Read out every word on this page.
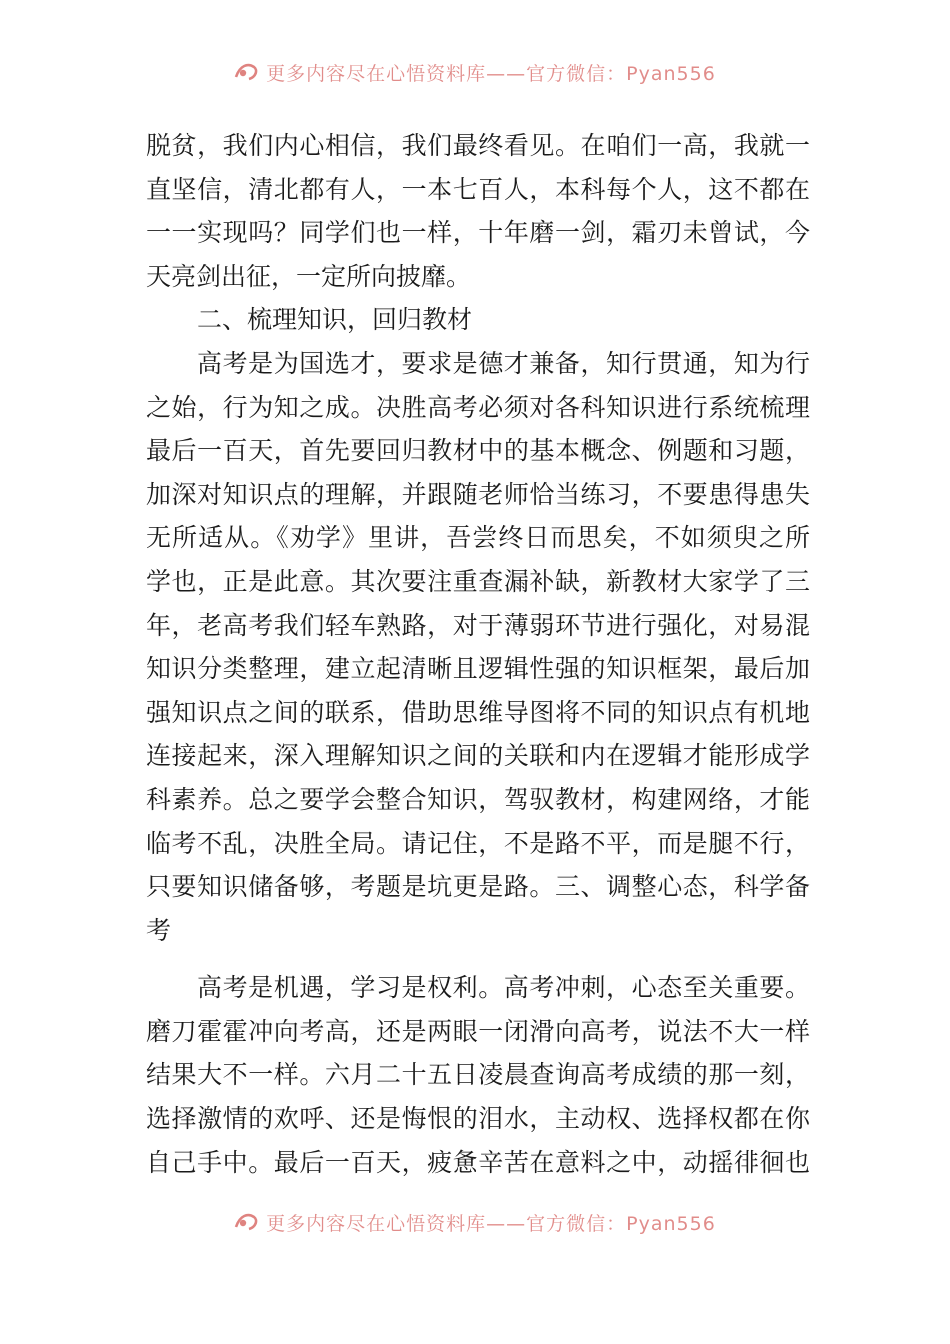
更多内容尽在心悟资料库——官方微信：Pyan556
脱贫，我们内心相信，我们最终看见。在咱们一高，我就一
直坚信，清北都有人，一本七百人，本科每个人，这不都在
一一实现吗？同学们也一样，十年磨一剑，霜刃未曾试，今
天亮剑出征，一定所向披靡。
二、梳理知识，回归教材
高考是为国选才，要求是德才兼备，知行贯通，知为行
之始，行为知之成。决胜高考必须对各科知识进行系统梳理
最后一百天，首先要回归教材中的基本概念、例题和习题，
加深对知识点的理解，并跟随老师恰当练习，不要患得患失
无所适从。《劝学》里讲，吾尝终日而思矣，不如须臾之所
学也，正是此意。其次要注重查漏补缺，新教材大家学了三
年，老高考我们轻车熟路，对于薄弱环节进行强化，对易混
知识分类整理，建立起清晰且逻辑性强的知识框架，最后加
强知识点之间的联系，借助思维导图将不同的知识点有机地
连接起来，深入理解知识之间的关联和内在逻辑才能形成学
科素养。总之要学会整合知识，驾驭教材，构建网络，才能
临考不乱，决胜全局。请记住，不是路不平，而是腿不行，
只要知识储备够，考题是坑更是路。三、调整心态，科学备
考
高考是机遇，学习是权利。高考冲刺，心态至关重要。
磨刀霍霍冲向考高，还是两眼一闭滑向高考，说法不大一样
结果大不一样。六月二十五日凌晨查询高考成绩的那一刻，
选择激情的欢呼、还是悔恨的泪水，主动权、选择权都在你
自己手中。最后一百天，疲惫辛苦在意料之中，动摇徘徊也
更多内容尽在心悟资料库——官方微信：Pyan556
